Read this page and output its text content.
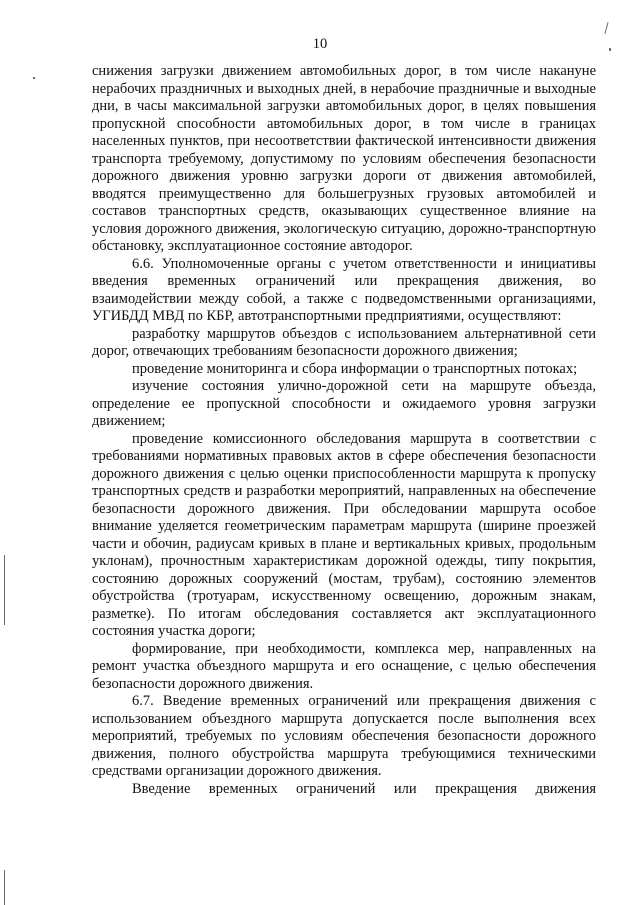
10

снижения загрузки движением автомобильных дорог, в том числе накануне нерабочих праздничных и выходных дней, в нерабочие праздничные и выходные дни, в часы максимальной загрузки автомобильных дорог, в целях повышения пропускной способности автомобильных дорог, в том числе в границах населенных пунктов, при несоответствии фактической интенсивности движения транспорта требуемому, допустимому по условиям обеспечения безопасности дорожного движения уровню загрузки дороги от движения автомобилей, вводятся преимущественно для большегрузных грузовых автомобилей и составов транспортных средств, оказывающих существенное влияние на условия дорожного движения, экологическую ситуацию, дорожно-транспортную обстановку, эксплуатационное состояние автодорог.

6.6. Уполномоченные органы с учетом ответственности и инициативы введения временных ограничений или прекращения движения, во взаимодействии между собой, а также с подведомственными организациями, УГИБДД МВД по КБР, автотранспортными предприятиями, осуществляют:

разработку маршрутов объездов с использованием альтернативной сети дорог, отвечающих требованиям безопасности дорожного движения;

проведение мониторинга и сбора информации о транспортных потоках;

изучение состояния улично-дорожной сети на маршруте объезда, определение ее пропускной способности и ожидаемого уровня загрузки движением;

проведение комиссионного обследования маршрута в соответствии с требованиями нормативных правовых актов в сфере обеспечения безопасности дорожного движения с целью оценки приспособленности маршрута к пропуску транспортных средств и разработки мероприятий, направленных на обеспечение безопасности дорожного движения. При обследовании маршрута особое внимание уделяется геометрическим параметрам маршрута (ширине проезжей части и обочин, радиусам кривых в плане и вертикальных кривых, продольным уклонам), прочностным характеристикам дорожной одежды, типу покрытия, состоянию дорожных сооружений (мостам, трубам), состоянию элементов обустройства (тротуарам, искусственному освещению, дорожным знакам, разметке). По итогам обследования составляется акт эксплуатационного состояния участка дороги;

формирование, при необходимости, комплекса мер, направленных на ремонт участка объездного маршрута и его оснащение, с целью обеспечения безопасности дорожного движения.

6.7. Введение временных ограничений или прекращения движения с использованием объездного маршрута допускается после выполнения всех мероприятий, требуемых по условиям обеспечения безопасности дорожного движения, полного обустройства маршрута требующимися техническими средствами организации дорожного движения.

Введение временных ограничений или прекращения движения
